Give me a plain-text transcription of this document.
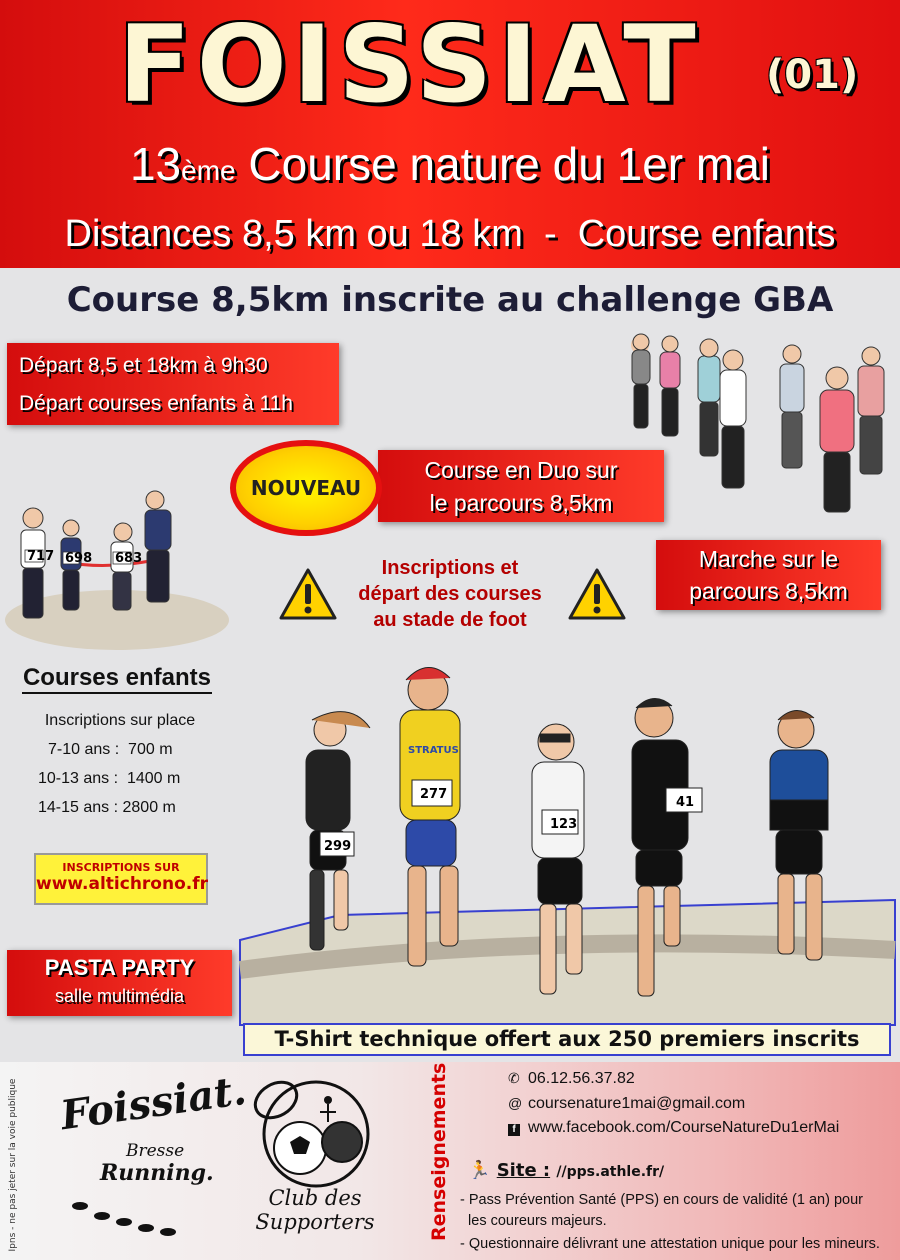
FOISSIAT	(01)
13ème Course nature du 1er mai
Distances 8,5 km ou 18 km  -  Course enfants
Course 8,5km inscrite au challenge GBA
Départ 8,5 et 18km à 9h30
Départ courses enfants à 11h
Course en Duo sur
le parcours 8,5km
NOUVEAU
717 698 683	Inscriptions et
départ des courses
au stade de foot
Marche sur le
parcours 8,5km
Courses enfants
Inscriptions sur place
7-10 ans :  700 m
10-13 ans :  1400 m
14-15 ans : 2800 m
INSCRIPTIONS SUR
www.altichrono.fr
299
STRATUS
277
123
41
PASTA PARTY
salle multimédia
T-Shirt technique offert aux 250 premiers inscrits
Ipns - ne pas jeter sur la voie publique Foissiat.
Bresse
Running.
Club des
Supporters	Renseignements	✆ 06.12.56.37.82
@ coursenature1mai@gmail.com
f www.facebook.com/CourseNatureDu1erMai
🏃 Site : //pps.athle.fr/
- Pass Prévention Santé (PPS) en cours de validité (1 an) pour
les coureurs majeurs.
- Questionnaire délivrant une attestation unique pour les mineurs.
